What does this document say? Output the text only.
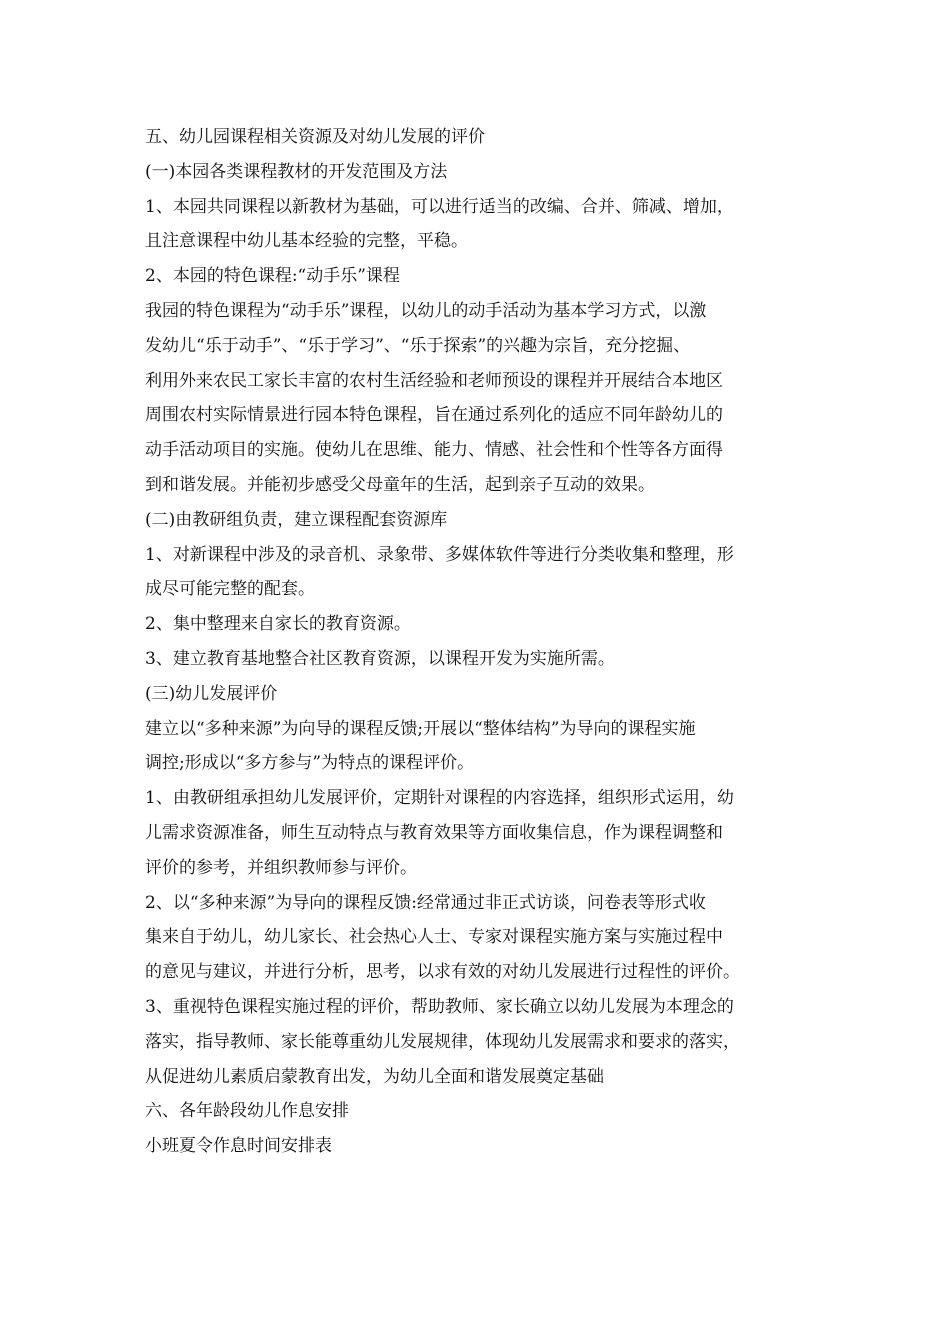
五、幼儿园课程相关资源及对幼儿发展的评价
(一)本园各类课程教材的开发范围及方法
1、本园共同课程以新教材为基础，可以进行适当的改编、合并、筛减、增加，
且注意课程中幼儿基本经验的完整，平稳。
2、本园的特色课程:“动手乐”课程
我园的特色课程为“动手乐”课程，以幼儿的动手活动为基本学习方式，以激
发幼儿“乐于动手”、“乐于学习”、“乐于探索”的兴趣为宗旨，充分挖掘、
利用外来农民工家长丰富的农村生活经验和老师预设的课程并开展结合本地区
周围农村实际情景进行园本特色课程，旨在通过系列化的适应不同年龄幼儿的
动手活动项目的实施。使幼儿在思维、能力、情感、社会性和个性等各方面得
到和谐发展。并能初步感受父母童年的生活，起到亲子互动的效果。
(二)由教研组负责，建立课程配套资源库
1、对新课程中涉及的录音机、录象带、多媒体软件等进行分类收集和整理，形
成尽可能完整的配套。
2、集中整理来自家长的教育资源。
3、建立教育基地整合社区教育资源，以课程开发为实施所需。
(三)幼儿发展评价
建立以“多种来源”为向导的课程反馈;开展以“整体结构”为导向的课程实施
调控;形成以“多方参与”为特点的课程评价。
1、由教研组承担幼儿发展评价，定期针对课程的内容选择，组织形式运用，幼
儿需求资源准备，师生互动特点与教育效果等方面收集信息，作为课程调整和
评价的参考，并组织教师参与评价。
2、以“多种来源”为导向的课程反馈:经常通过非正式访谈，问卷表等形式收
集来自于幼儿，幼儿家长、社会热心人士、专家对课程实施方案与实施过程中
的意见与建议，并进行分析，思考，以求有效的对幼儿发展进行过程性的评价。
3、重视特色课程实施过程的评价，帮助教师、家长确立以幼儿发展为本理念的
落实，指导教师、家长能尊重幼儿发展规律，体现幼儿发展需求和要求的落实，
从促进幼儿素质启蒙教育出发，为幼儿全面和谐发展奠定基础
六、各年龄段幼儿作息安排
小班夏令作息时间安排表
